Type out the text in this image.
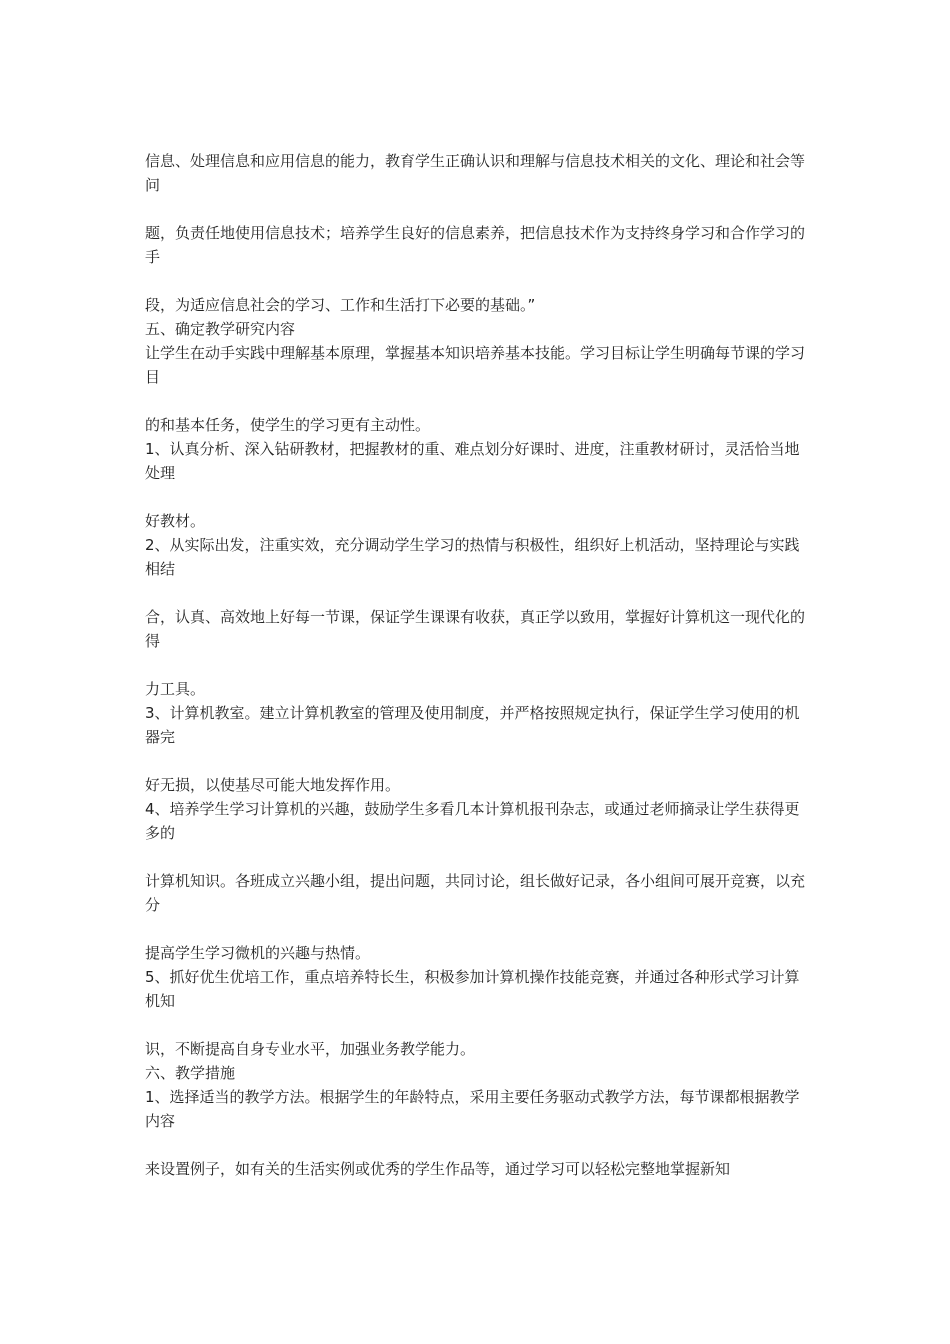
信息、处理信息和应用信息的能力，教育学生正确认识和理解与信息技术相关的文化、理论和社会等问

题，负责任地使用信息技术；培养学生良好的信息素养，把信息技术作为支持终身学习和合作学习的手

段，为适应信息社会的学习、工作和生活打下必要的基础。”

五、确定教学研究内容

让学生在动手实践中理解基本原理，掌握基本知识培养基本技能。学习目标让学生明确每节课的学习目

的和基本任务，使学生的学习更有主动性。

1、认真分析、深入钻研教材，把握教材的重、难点划分好课时、进度，注重教材研讨，灵活恰当地处理

好教材。

2、从实际出发，注重实效，充分调动学生学习的热情与积极性，组织好上机活动，坚持理论与实践相结

合，认真、高效地上好每一节课，保证学生课课有收获，真正学以致用，掌握好计算机这一现代化的得

力工具。

3、计算机教室。建立计算机教室的管理及使用制度，并严格按照规定执行，保证学生学习使用的机器完

好无损，以使基尽可能大地发挥作用。

4、培养学生学习计算机的兴趣，鼓励学生多看几本计算机报刊杂志，或通过老师摘录让学生获得更多的

计算机知识。各班成立兴趣小组，提出问题，共同讨论，组长做好记录，各小组间可展开竞赛，以充分

提高学生学习微机的兴趣与热情。

5、抓好优生优培工作，重点培养特长生，积极参加计算机操作技能竞赛，并通过各种形式学习计算机知

识，不断提高自身专业水平，加强业务教学能力。

六、教学措施

1、选择适当的教学方法。根据学生的年龄特点，采用主要任务驱动式教学方法，每节课都根据教学内容

来设置例子，如有关的生活实例或优秀的学生作品等，通过学习可以轻松完整地掌握新知
